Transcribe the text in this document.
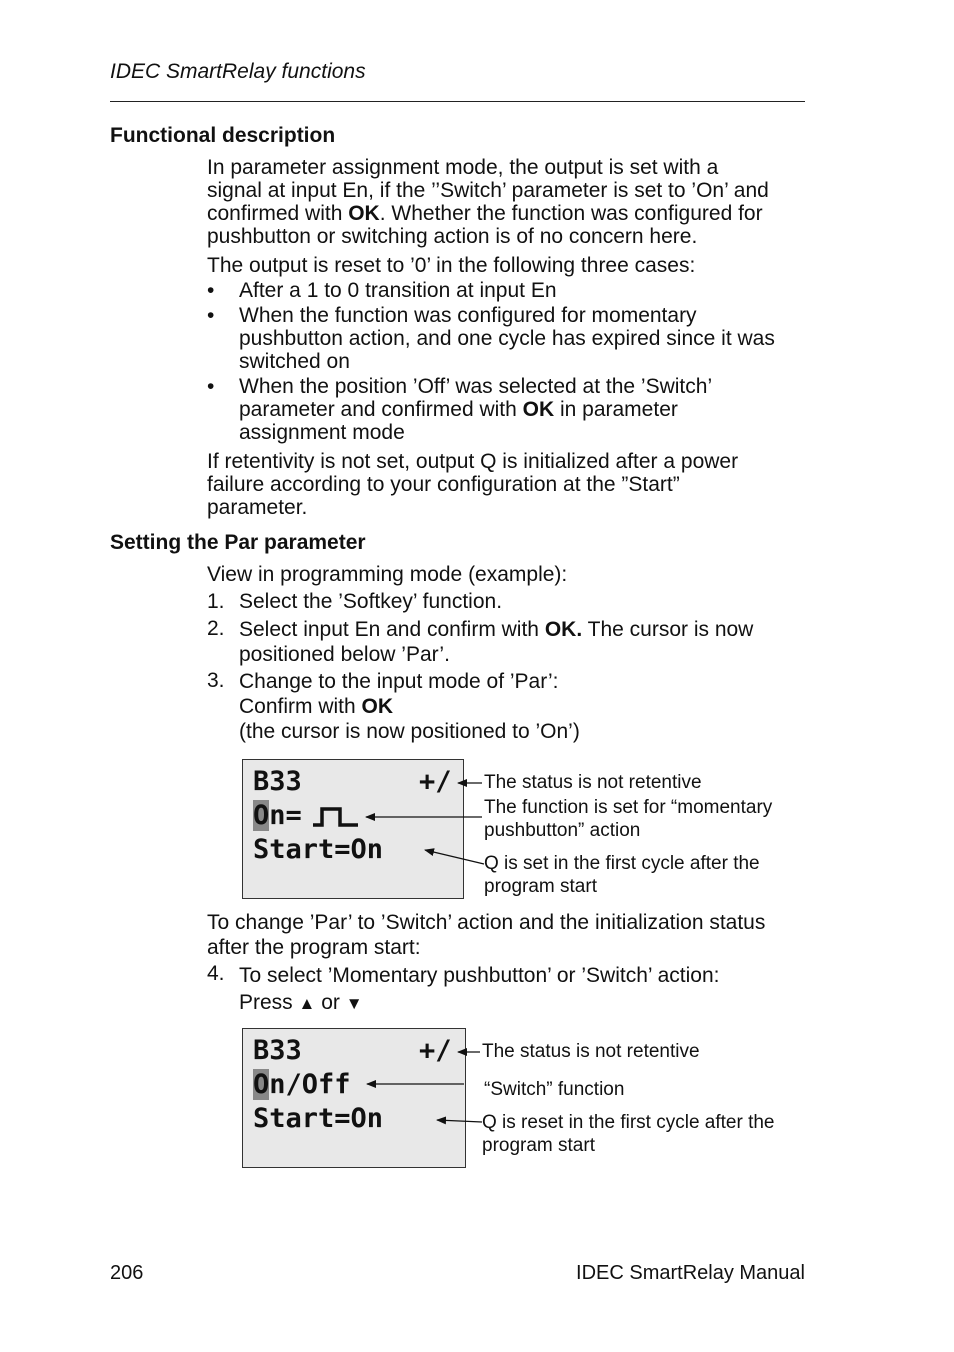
IDEC SmartRelay functions
Functional description
In parameter assignment mode, the output is set with a
signal at input En, if the ’’Switch’ parameter is set to ’On’ and
confirmed with OK. Whether the function was configured for
pushbutton or switching action is of no concern here.
The output is reset to ’0’ in the following three cases:
• After a 1 to 0 transition at input En
• When the function was configured for momentary
pushbutton action, and one cycle has expired since it was
switched on
• When the position ’Off’ was selected at the ’Switch’
parameter and confirmed with OK in parameter
assignment mode
If retentivity is not set, output Q is initialized after a power
failure according to your configuration at the ”Start”
parameter.
Setting the Par parameter
View in programming mode (example):
1. Select the ’Softkey’ function.
2. Select input En and confirm with OK. The cursor is now
positioned below ’Par’.
3. Change to the input mode of ’Par’:
Confirm with OK
(the cursor is now positioned to ’On’)
B33	+/
On=
Start=On
The status is not retentive
The function is set for “momentary
pushbutton” action
Q is set in the first cycle after the
program start
To change ’Par’ to ’Switch’ action and the initialization status
after the program start:
4. To select ’Momentary pushbutton’ or ’Switch’ action:
Press ▲ or ▼
B33	+/
On/Off
Start=On
The status is not retentive
“Switch” function
Q is reset in the first cycle after the
program start
206	IDEC SmartRelay Manual
